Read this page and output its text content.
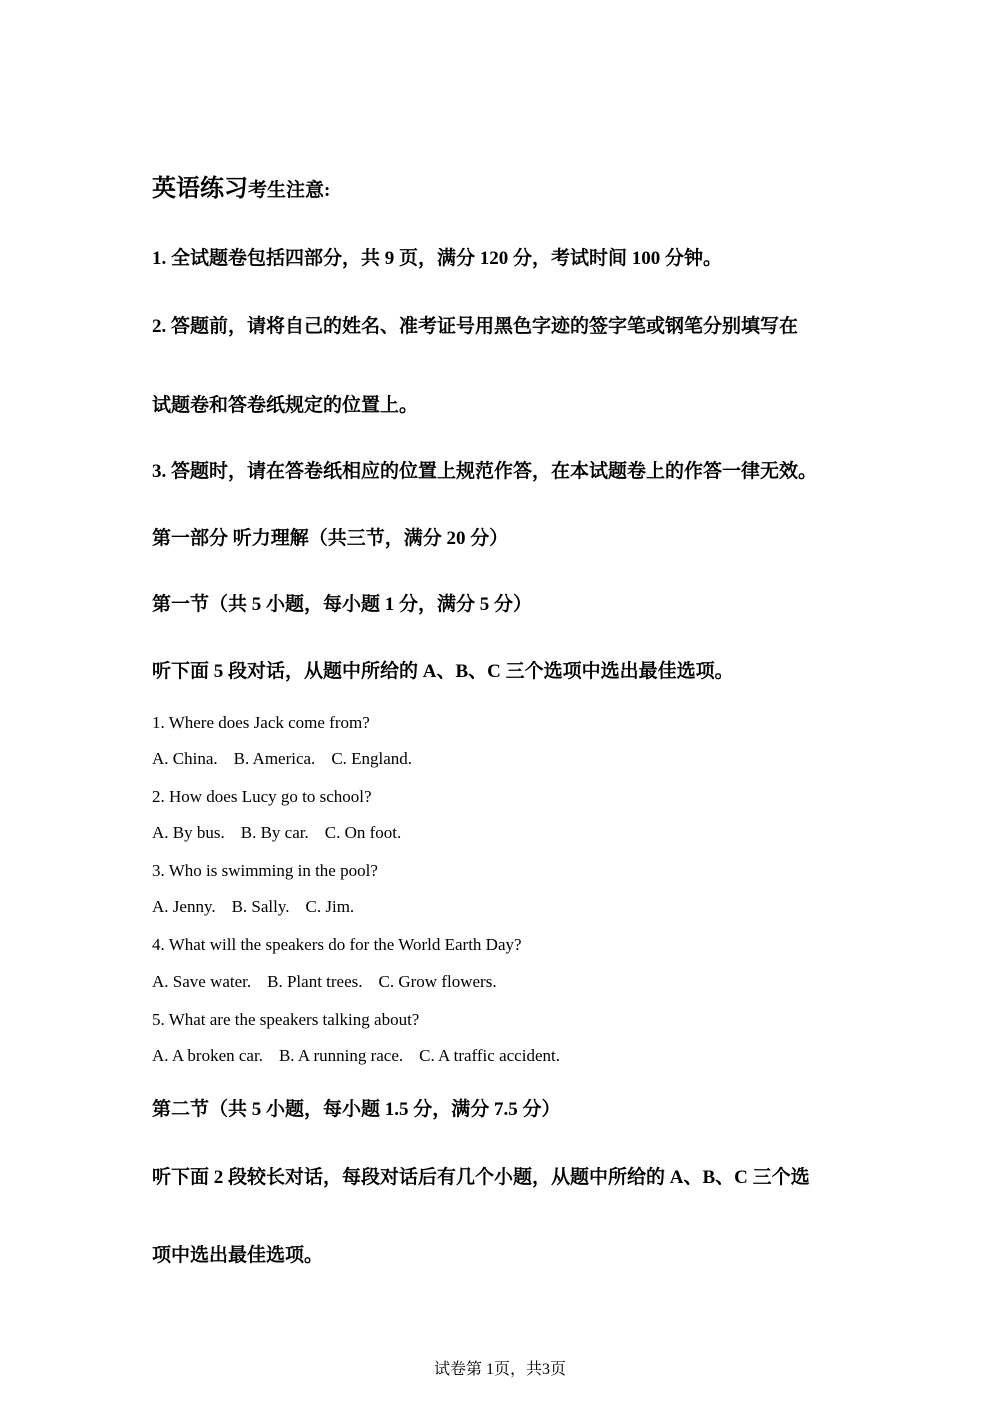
英语练习考生注意:
1. 全试题卷包括四部分，共 9 页，满分 120 分，考试时间 100 分钟。
2. 答题前，请将自己的姓名、准考证号用黑色字迹的签字笔或钢笔分别填写在
试题卷和答卷纸规定的位置上。
3. 答题时，请在答卷纸相应的位置上规范作答，在本试题卷上的作答一律无效。
第一部分 听力理解（共三节，满分 20 分）
第一节（共 5 小题，每小题 1 分，满分 5 分）
听下面 5 段对话，从题中所给的 A、B、C 三个选项中选出最佳选项。
1. Where does Jack come from?
A. China. B. America. C. England.
2. How does Lucy go to school?
A. By bus. B. By car. C. On foot.
3. Who is swimming in the pool?
A. Jenny. B. Sally. C. Jim.
4. What will the speakers do for the World Earth Day?
A. Save water. B. Plant trees. C. Grow flowers.
5. What are the speakers talking about?
A. A broken car. B. A running race. C. A traffic accident.
第二节（共 5 小题，每小题 1.5 分，满分 7.5 分）
听下面 2 段较长对话，每段对话后有几个小题，从题中所给的 A、B、C 三个选
项中选出最佳选项。
试卷第 1页，共3页
